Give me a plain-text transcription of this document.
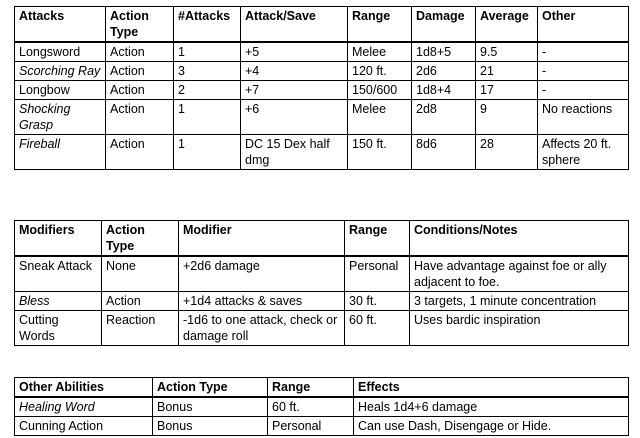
Attacks	Action Type	#Attacks	Attack/Save	Range	Damage	Average	Other
Longsword	Action	1	+5	Melee	1d8+5	9.5	-
Scorching Ray	Action	3	+4	120 ft.	2d6	21	-
Longbow	Action	2	+7	150/600	1d8+4	17	-
Shocking Grasp	Action	1	+6	Melee	2d8	9	No reactions
Fireball	Action	1	DC 15 Dex half dmg	150 ft.	8d6	28	Affects 20 ft. sphere
Modifiers	Action Type	Modifier	Range	Conditions/Notes
Sneak Attack	None	+2d6 damage	Personal	Have advantage against foe or ally adjacent to foe.
Bless	Action	+1d4 attacks & saves	30 ft.	3 targets, 1 minute concentration
Cutting Words	Reaction	-1d6 to one attack, check or damage roll	60 ft.	Uses bardic inspiration
Other Abilities	Action Type	Range	Effects
Healing Word	Bonus	60 ft.	Heals 1d4+6 damage
Cunning Action	Bonus	Personal	Can use Dash, Disengage or Hide.
